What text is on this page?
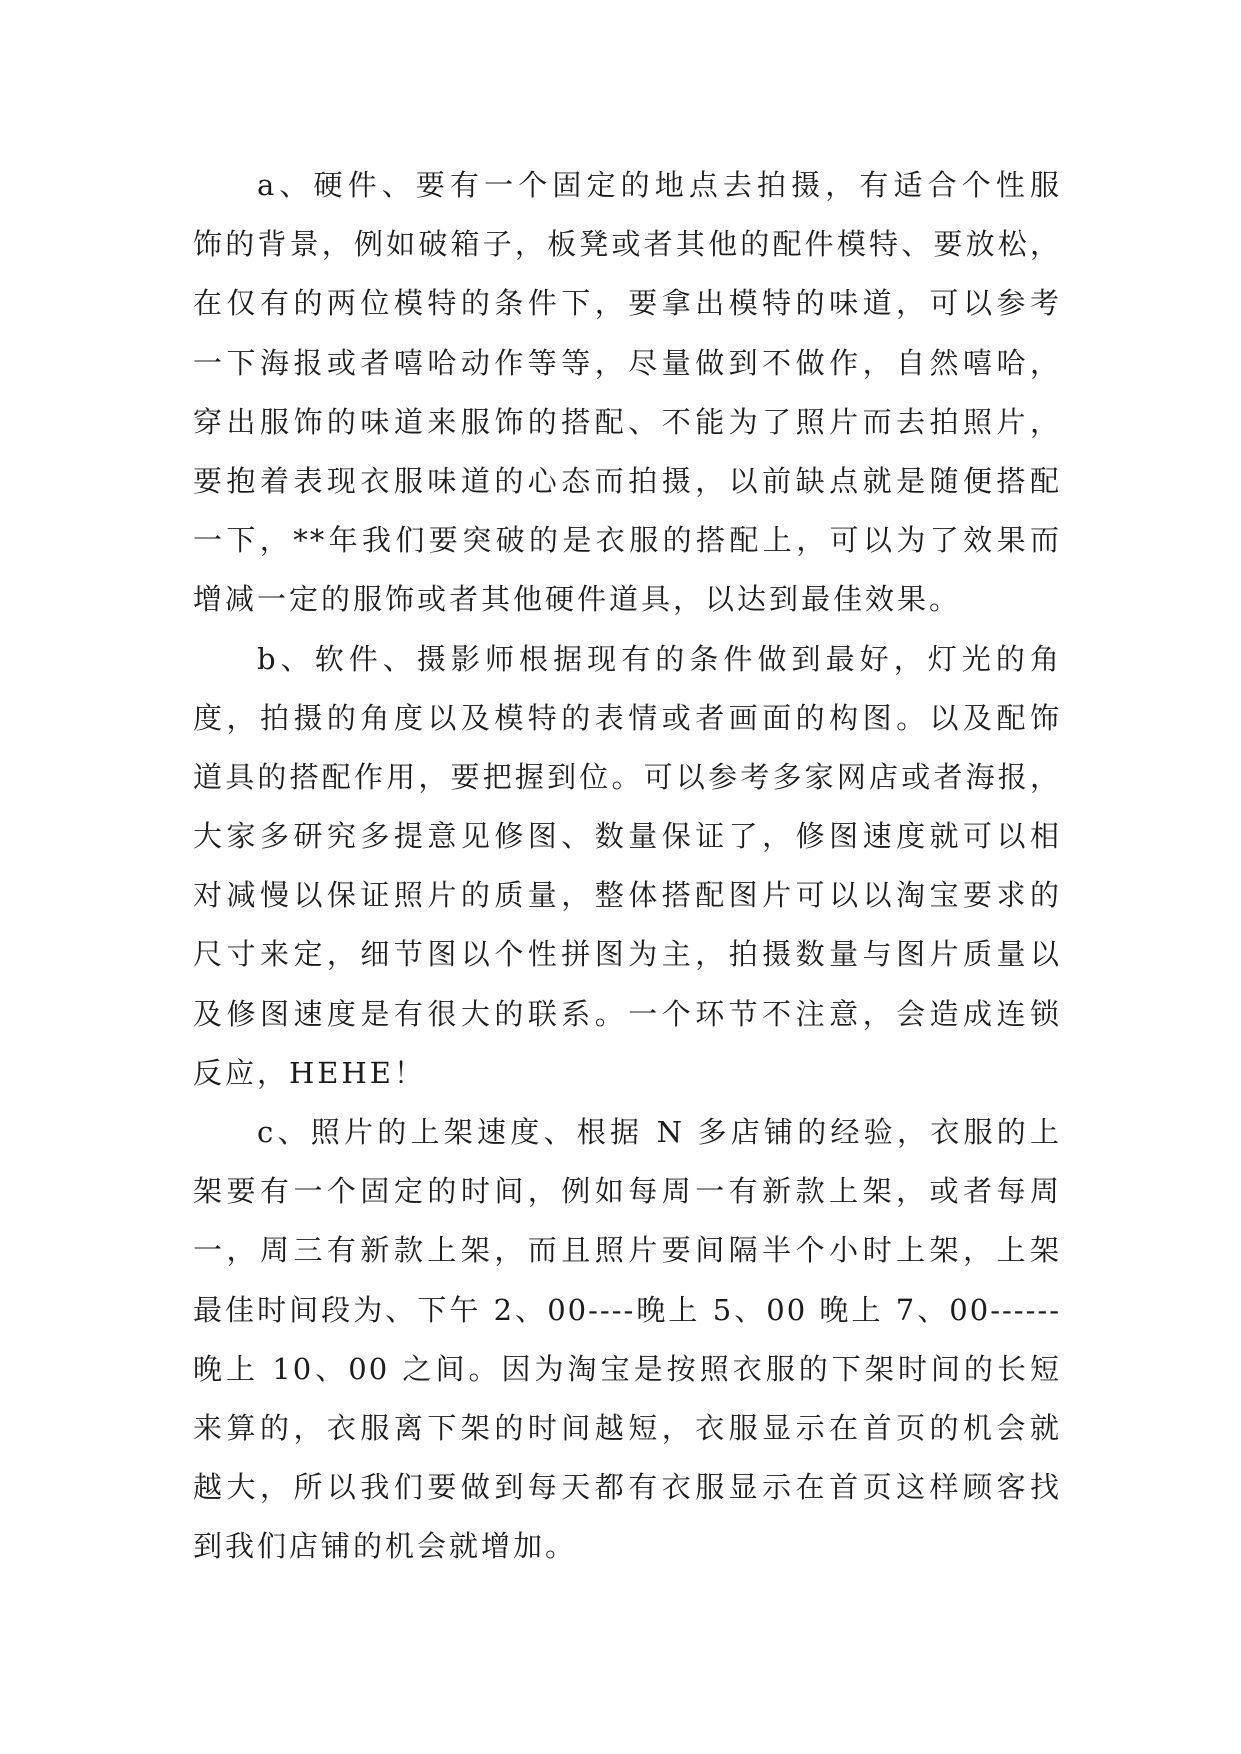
a、硬件、要有一个固定的地点去拍摄，有适合个性服
饰的背景，例如破箱子，板凳或者其他的配件模特、要放松，
在仅有的两位模特的条件下，要拿出模特的味道，可以参考
一下海报或者嘻哈动作等等，尽量做到不做作，自然嘻哈，
穿出服饰的味道来服饰的搭配、不能为了照片而去拍照片，
要抱着表现衣服味道的心态而拍摄，以前缺点就是随便搭配
一下，**年我们要突破的是衣服的搭配上，可以为了效果而
增减一定的服饰或者其他硬件道具，以达到最佳效果。
b、软件、摄影师根据现有的条件做到最好，灯光的角
度，拍摄的角度以及模特的表情或者画面的构图。以及配饰
道具的搭配作用，要把握到位。可以参考多家网店或者海报，
大家多研究多提意见修图、数量保证了，修图速度就可以相
对减慢以保证照片的质量，整体搭配图片可以以淘宝要求的
尺寸来定，细节图以个性拼图为主，拍摄数量与图片质量以
及修图速度是有很大的联系。一个环节不注意，会造成连锁
反应，HEHE！
c、照片的上架速度、根据 N 多店铺的经验，衣服的上
架要有一个固定的时间，例如每周一有新款上架，或者每周
一，周三有新款上架，而且照片要间隔半个小时上架，上架
最佳时间段为、下午 2、00----晚上 5、00 晚上 7、00------
晚上 10、00 之间。因为淘宝是按照衣服的下架时间的长短
来算的，衣服离下架的时间越短，衣服显示在首页的机会就
越大，所以我们要做到每天都有衣服显示在首页这样顾客找
到我们店铺的机会就增加。
